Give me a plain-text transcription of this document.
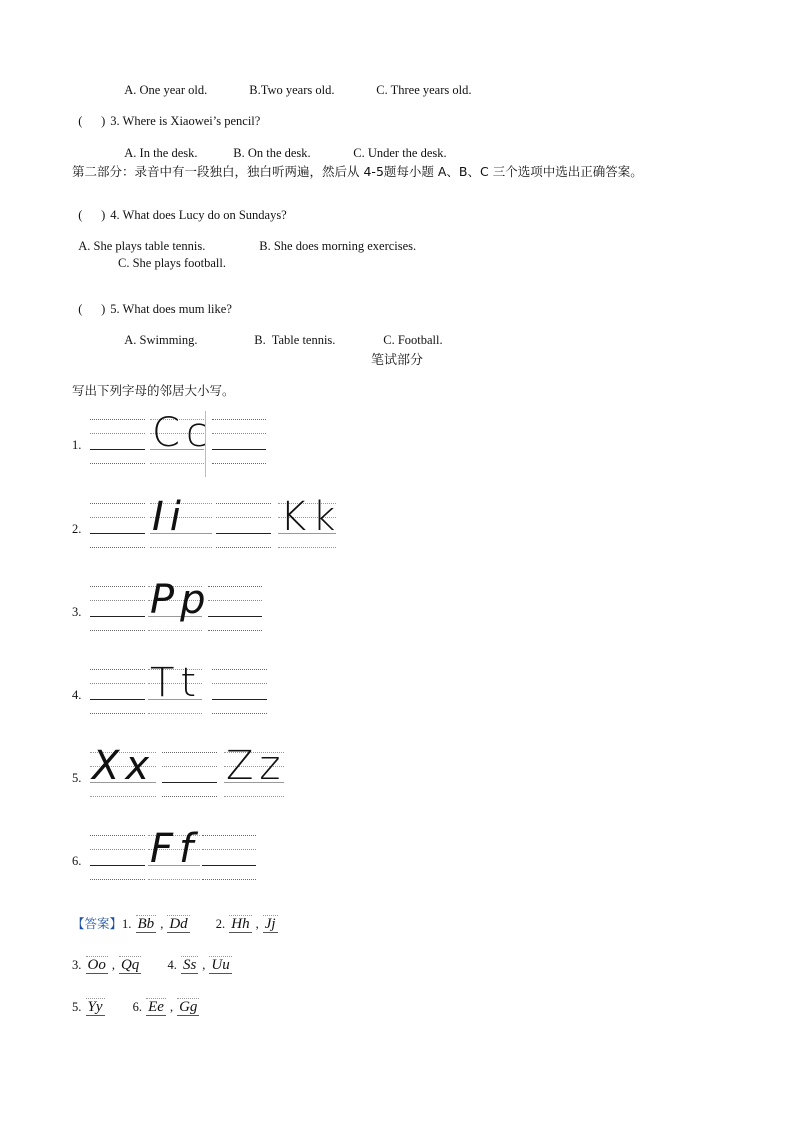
A. One year old.	B.Two years old.	C. Three years old.

(      ) 3. Where is Xiaowei’s pencil?

A. In the desk.	B. On the desk.	C. Under the desk.

第二部分：录音中有一段独白，独白听两遍，然后从 4-5题每小题 A、B、C 三个选项中选出正确答案。

(      ) 4. What does Lucy do on Sundays?

A. She plays table tennis.	B. She does morning exercises.

C. She plays football.

(      ) 5. What does mum like?

A. Swimming.	B.  Table tennis.	C. Football.

笔试部分
写出下列字母的邻居大小写。
1. Cc
2. Ii Kk
3. Pp
4. Tt
5. Xx Zz
6. Ff
【答案】1. Bb , Dd 2. Hh , Jj
3. Oo , Qq 4. Ss , Uu
5. Yy 6. Ee , Gg
